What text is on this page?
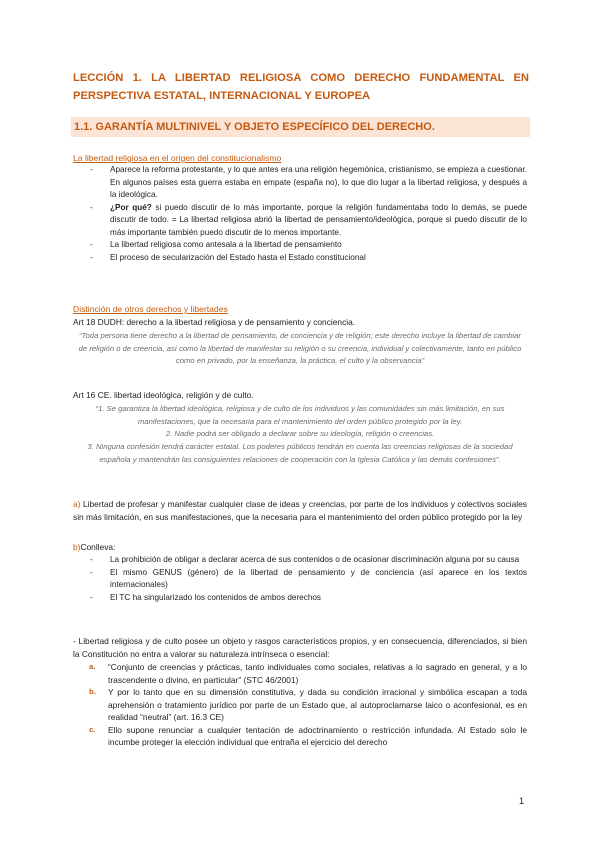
LECCIÓN 1. LA LIBERTAD RELIGIOSA COMO DERECHO FUNDAMENTAL EN PERSPECTIVA ESTATAL, INTERNACIONAL Y EUROPEA
1.1. GARANTÍA MULTINIVEL Y OBJETO ESPECÍFICO DEL DERECHO.
La libertad religiosa en el origen del constitucionalismo
- Aparece la reforma protestante, y lo que antes era una religión hegemónica, cristianismo, se empieza a cuestionar. En algunos países esta guerra estaba en empate (españa no), lo que dio lugar a la libertad religiosa, y después a la ideológica.
- ¿Por qué? si puedo discutir de lo más importante, porque la religión fundamentaba todo lo demás, se puede discutir de todo. = La libertad religiosa abrió la libertad de pensamiento/ideológica, porque si puedo discutir de lo más importante también puedo discutir de lo menos importante.
- La libertad religiosa como antesala a la libertad de pensamiento
- El proceso de secularización del Estado hasta el Estado constitucional
Distinción de otros derechos y libertades
Art 18 DUDH: derecho a la libertad religiosa y de pensamiento y conciencia.
“Toda persona tiene derecho a la libertad de pensamiento, de conciencia y de religión; este derecho incluye la libertad de cambiar de religión o de creencia, así como la libertad de manifestar su religión o su creencia, individual y colectivamente, tanto en público como en privado, por la enseñanza, la práctica, el culto y la observancia”
Art 16 CE. libertad ideológica, religión y de culto.
“1. Se garantiza la libertad ideológica, religiosa y de culto de los individuos y las comunidades sin más limitación, en sus manifestaciones, que la necesaria para el mantenimiento del orden público protegido por la ley.
2. Nadie podrá ser obligado a declarar sobre su ideología, religión o creencias.
3. Ninguna confesión tendrá carácter estatal. Los poderes públicos tendrán en cuenta las creencias religiosas de la sociedad española y mantendrán las consiguientes relaciones de cooperación con la Iglesia Católica y las demás confesiones”.
a) Libertad de profesar y manifestar cualquier clase de ideas y creencias, por parte de los individuos y colectivos sociales sin más limitación, en sus manifestaciones, que la necesaria para el mantenimiento del orden público protegido por la ley
b)Conlleva:
- La prohibición de obligar a declarar acerca de sus contenidos o de ocasionar discriminación alguna por su causa
- El mismo GENUS (género) de la libertad de pensamiento y de conciencia (así aparece en los textos internacionales)
- El TC ha singularizado los contenidos de ambos derechos
- Libertad religiosa y de culto posee un objeto y rasgos característicos propios, y en consecuencia, diferenciados, si bien la Constitución no entra a valorar su naturaleza intrínseca o esencial:
a. “Conjunto de creencias y prácticas, tanto individuales como sociales, relativas a lo sagrado en general, y a lo trascendente o divino, en particular” (STC 46/2001)
b. Y por lo tanto que en su dimensión constitutiva, y dada su condición irracional y simbólica escapan a toda aprehensión o tratamiento jurídico por parte de un Estado que, al autoproclamarse laico o aconfesional, es en realidad “neutral” (art. 16.3 CE)
c. Ello supone renunciar a cualquier tentación de adoctrinamiento o restricción infundada. Al Estado solo le incumbe proteger la elección individual que entraña el ejercicio del derecho
1
